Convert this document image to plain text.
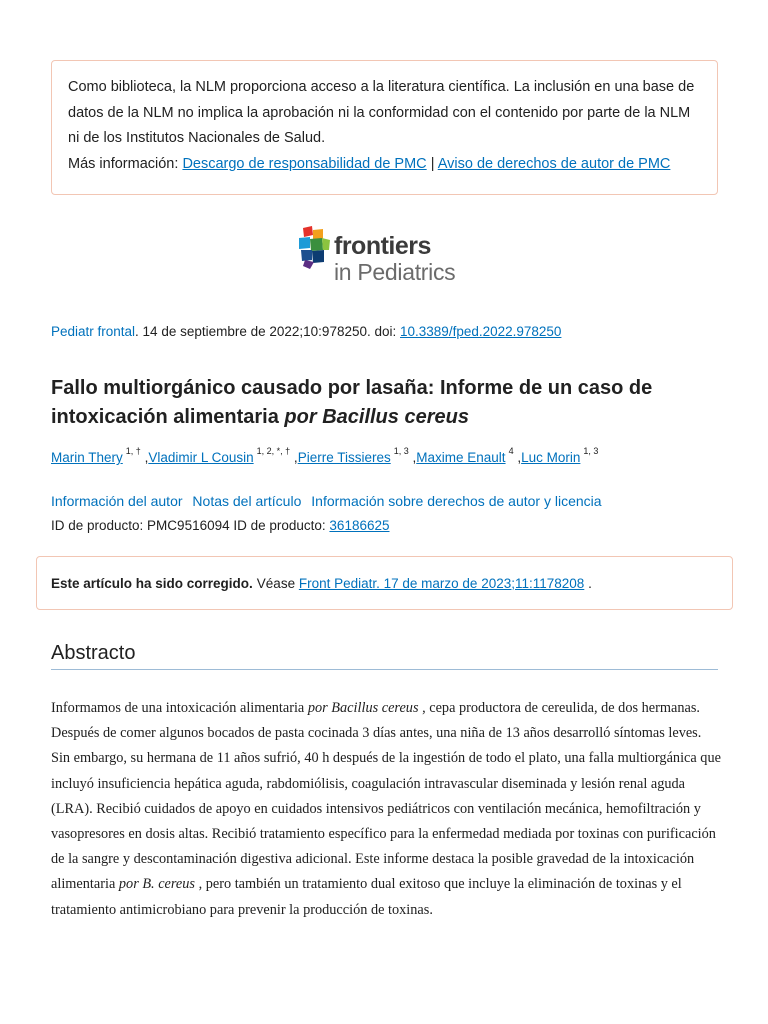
Como biblioteca, la NLM proporciona acceso a la literatura científica. La inclusión en una base de datos de la NLM no implica la aprobación ni la conformidad con el contenido por parte de la NLM ni de los Institutos Nacionales de Salud.
Más información: Descargo de responsabilidad de PMC | Aviso de derechos de autor de PMC
frontiers
in Pediatrics
Pediatr frontal. 14 de septiembre de 2022;10:978250. doi: 10.3389/fped.2022.978250
Fallo multiorgánico causado por lasaña: Informe de un caso de intoxicación alimentaria por Bacillus cereus
Marin Thery $^{1, \dagger}$ ,Vladimir L Cousin $^{1, 2, *, \dagger}$ ,Pierre Tissieres $^{1, 3}$ ,Maxime Enault $^4$ ,Luc Morin $^{1, 3}$
Información del autor Notas del artículo Información sobre derechos de autor y licencia
ID de producto: PMC9516094 ID de producto: 36186625
Este artículo ha sido corregido. Véase
Front Pediatr. 17 de marzo de 2023;11:1178208
.
Abstracto

Informamos de una intoxicación alimentaria por Bacillus cereus , cepa productora de cereulida, de dos hermanas. Después de comer algunos bocados de pasta cocinada 3 días antes, una niña de 13 años desarrolló síntomas leves. Sin embargo, su hermana de 11 años sufrió, 40 h después de la ingestión de todo el plato, una falla multiorgánica que incluyó insuficiencia hepática aguda, rabdomiólisis, coagulación intravascular diseminada y lesión renal aguda (LRA). Recibió cuidados de apoyo en cuidados intensivos pediátricos con ventilación mecánica, hemofiltración y vasopresores en dosis altas. Recibió tratamiento específico para la enfermedad mediada por toxinas con purificación de la sangre y descontaminación digestiva adicional. Este informe destaca la posible gravedad de la intoxicación alimentaria por B. cereus , pero también un tratamiento dual exitoso que incluye la eliminación de toxinas y el tratamiento antimicrobiano para prevenir la producción de toxinas.
